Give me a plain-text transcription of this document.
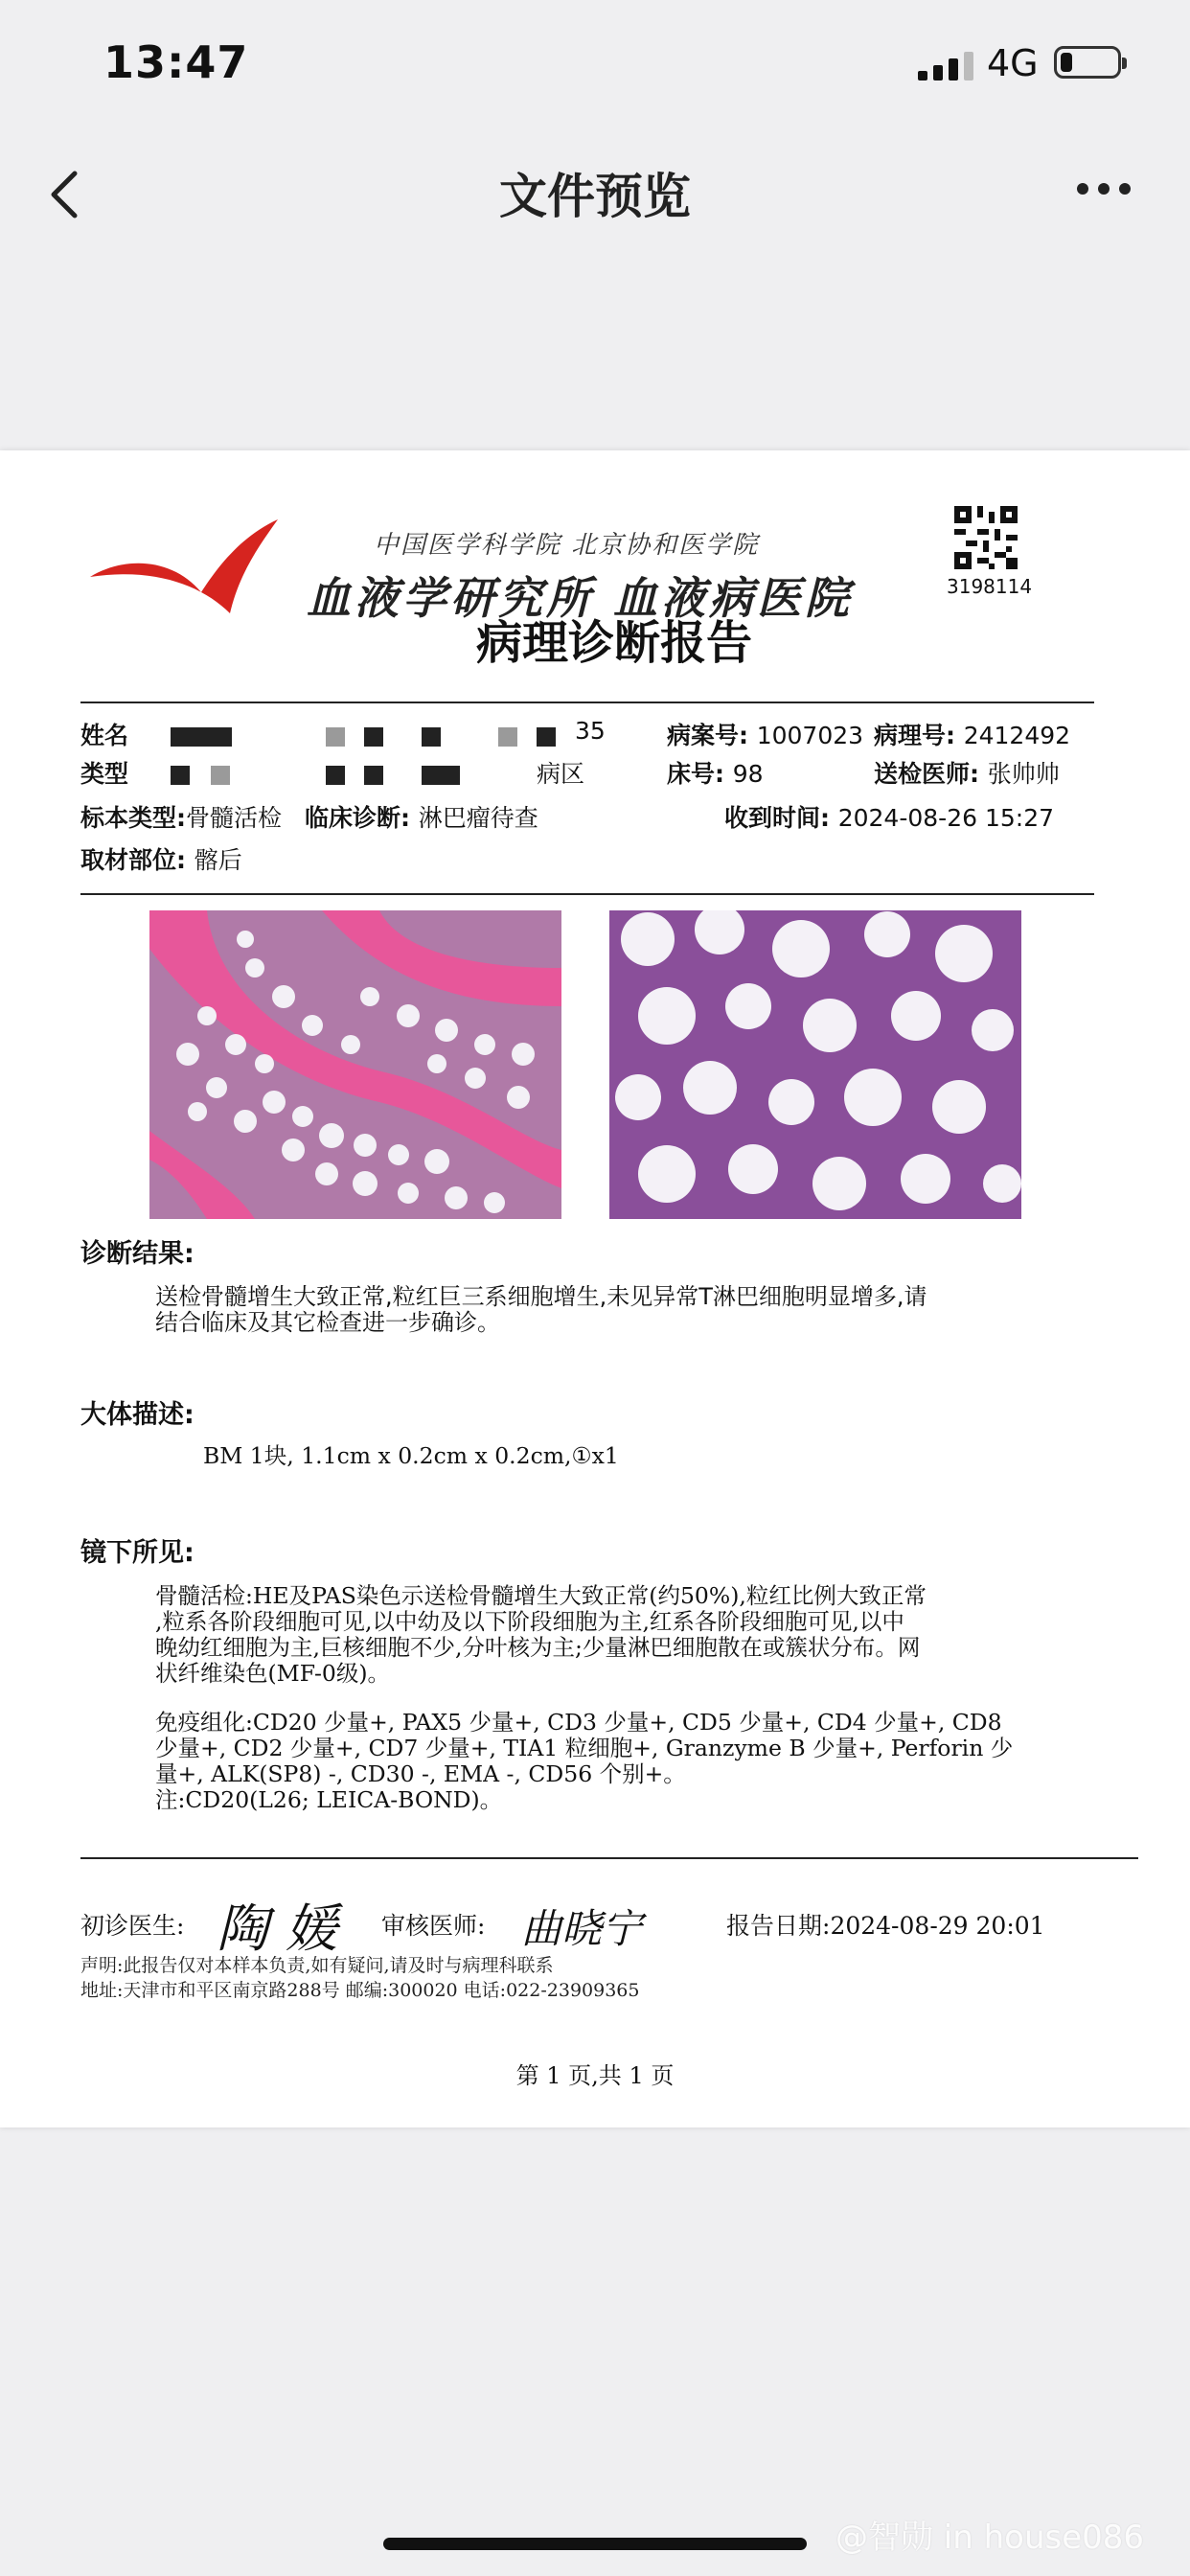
13:47	4G
文件预览
中国医学科学院 北京协和医学院
血液学研究所 血液病医院	3198114
病理诊断报告
姓名	35	病案号: 1007023 病理号: 2412492
类型	病区	床号: 98	送检医师: 张帅帅
标本类型:骨髓活检 临床诊断: 淋巴瘤待查	收到时间: 2024-08-26 15:27
取材部位: 髂后
诊断结果:
送检骨髓增生大致正常,粒红巨三系细胞增生,未见异常T淋巴细胞明显增多,请
结合临床及其它检查进一步确诊。
大体描述:
BM 1块, 1.1cm x 0.2cm x 0.2cm,①x1
镜下所见:
骨髓活检:HE及PAS染色示送检骨髓增生大致正常(约50%),粒红比例大致正常
,粒系各阶段细胞可见,以中幼及以下阶段细胞为主,红系各阶段细胞可见,以中
晚幼红细胞为主,巨核细胞不少,分叶核为主;少量淋巴细胞散在或簇状分布。网
状纤维染色(MF-0级)。
免疫组化:CD20 少量+, PAX5 少量+, CD3 少量+, CD5 少量+, CD4 少量+, CD8
少量+, CD2 少量+, CD7 少量+, TIA1 粒细胞+, Granzyme B 少量+, Perforin 少
量+, ALK(SP8) -, CD30 -, EMA -, CD56 个别+。
注:CD20(L26; LEICA-BOND)。
初诊医生: 陶媛 审核医师: 曲晓宁	报告日期:2024-08-29 20:01
声明:此报告仅对本样本负责,如有疑问,请及时与病理科联系
地址:天津市和平区南京路288号 邮编:300020 电话:022-23909365
第 1 页,共 1 页
@智勋 in house086
